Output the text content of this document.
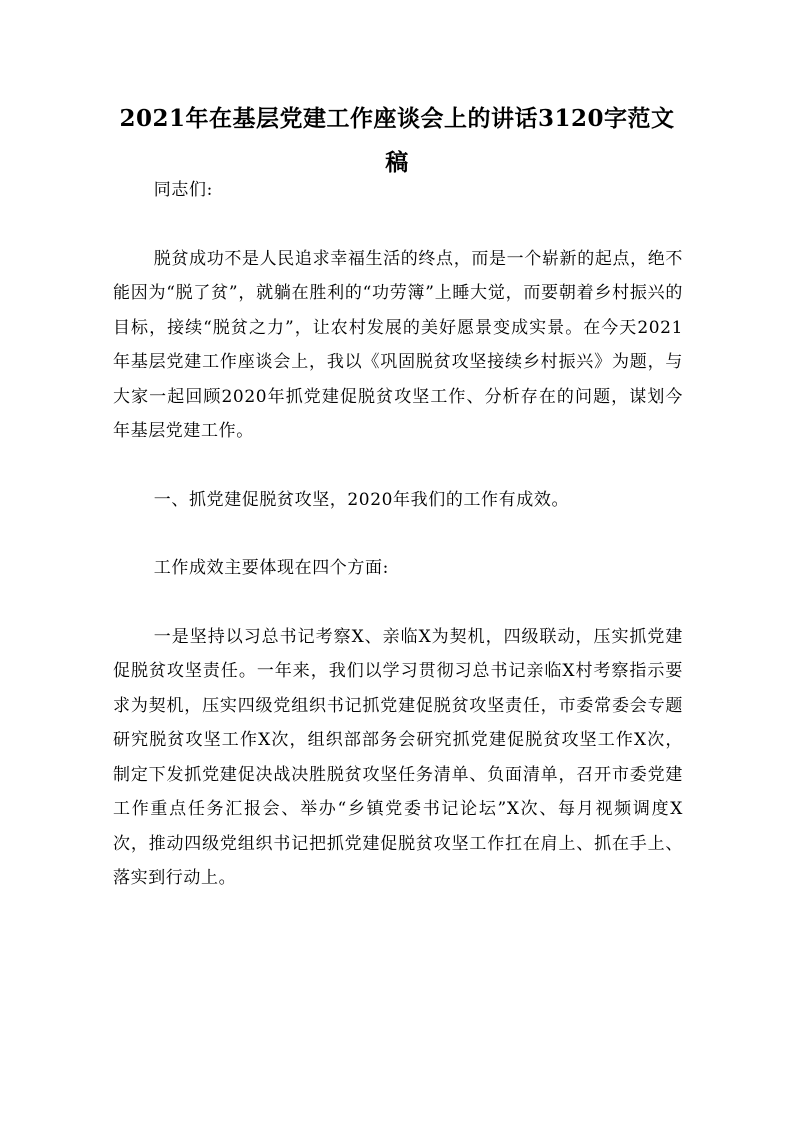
2021年在基层党建工作座谈会上的讲话3120字范文稿

同志们:

脱贫成功不是人民追求幸福生活的终点，而是一个崭新的起点，绝不能因为“脱了贫”，就躺在胜利的“功劳簿”上睡大觉，而要朝着乡村振兴的目标，接续“脱贫之力”，让农村发展的美好愿景变成实景。在今天2021年基层党建工作座谈会上，我以《巩固脱贫攻坚接续乡村振兴》为题，与大家一起回顾2020年抓党建促脱贫攻坚工作、分析存在的问题，谋划今年基层党建工作。

一、抓党建促脱贫攻坚，2020年我们的工作有成效。

工作成效主要体现在四个方面:

一是坚持以习总书记考察X、亲临X为契机，四级联动，压实抓党建促脱贫攻坚责任。一年来，我们以学习贯彻习总书记亲临X村考察指示要求为契机，压实四级党组织书记抓党建促脱贫攻坚责任，市委常委会专题研究脱贫攻坚工作X次，组织部部务会研究抓党建促脱贫攻坚工作X次，制定下发抓党建促决战决胜脱贫攻坚任务清单、负面清单，召开市委党建工作重点任务汇报会、举办“乡镇党委书记论坛”X次、每月视频调度X次，推动四级党组织书记把抓党建促脱贫攻坚工作扛在肩上、抓在手上、落实到行动上。
